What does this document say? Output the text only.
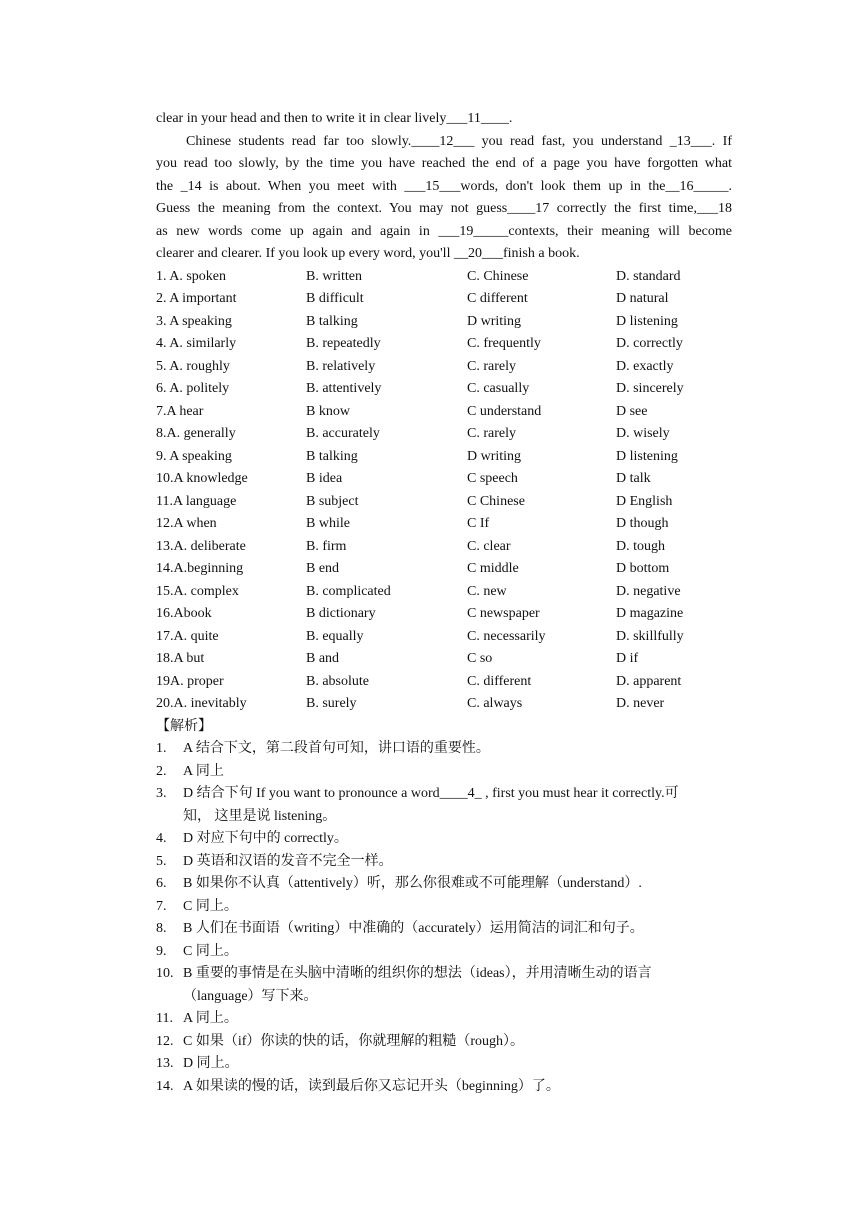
clear in your head and then to write it in clear lively___11____.
Chinese students read far too slowly.____12___ you read fast, you understand _13___. If
you read too slowly, by the time you have reached the end of a page you have forgotten what
the _14 is about. When you meet with ___15___words, don't look them up in the__16_____.
Guess the meaning from the context. You may not guess____17 correctly the first time,___18
as new words come up again and again in ___19_____contexts, their meaning will become
clearer and clearer. If you look up every word, you'll __20___finish a book.
1. A. spoken	B. written	C. Chinese	D. standard
2. A important	B difficult	C different	D natural
3. A speaking	B talking	D writing	D listening
4. A. similarly	B. repeatedly	C. frequently	D. correctly
5. A. roughly	B. relatively	C. rarely	D. exactly
6. A. politely	B. attentively	C. casually	D. sincerely
7.A hear	B know	C understand	D see
8.A. generally	B. accurately	C. rarely	D. wisely
9. A speaking	B talking	D writing	D listening
10.A knowledge	B idea	C speech	D talk
11.A language	B subject	C Chinese	D English
12.A when	B while	C If	D though
13.A. deliberate	B. firm	C. clear	D. tough
14.A.beginning	B end	C middle	D bottom
15.A. complex	B. complicated	C. new	D. negative
16.Abook	B dictionary	C newspaper	D magazine
17.A. quite	B. equally	C. necessarily	D. skillfully
18.A but	B and	C so	D if
19A. proper	B. absolute	C. different	D. apparent
20.A. inevitably	B. surely	C. always	D. never
【解析】
1. A 结合下文，第二段首句可知，讲口语的重要性。
2. A 同上
3. D 结合下句 If you want to pronounce a word____4_ , first you must hear it correctly.可
知， 这里是说 listening。
4. D 对应下句中的 correctly。
5. D 英语和汉语的发音不完全一样。
6. B 如果你不认真（attentively）听，那么你很难或不可能理解（understand）.
7. C 同上。
8. B 人们在书面语（writing）中准确的（accurately）运用简洁的词汇和句子。
9. C 同上。
10. B 重要的事情是在头脑中清晰的组织你的想法（ideas），并用清晰生动的语言
（language）写下来。
11. A 同上。
12. C 如果（if）你读的快的话，你就理解的粗糙（rough）。
13. D 同上。
14. A 如果读的慢的话，读到最后你又忘记开头（beginning）了。
